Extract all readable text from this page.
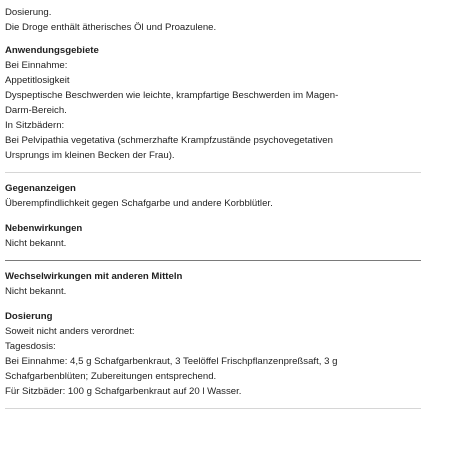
Dosierung.

Die Droge enthält ätherisches Öl und Proazulene.

Anwendungsgebiete

Bei Einnahme:

Appetitlosigkeit

Dyspeptische Beschwerden wie leichte, krampfartige Beschwerden im Magen-

Darm-Bereich.

In Sitzbädern:

Bei Pelvipathia vegetativa (schmerzhafte Krampfzustände psychovegetativen

Ursprungs im kleinen Becken der Frau).

Gegenanzeigen

Überempfindlichkeit gegen Schafgarbe und andere Korbblütler.

Nebenwirkungen

Nicht bekannt.

Wechselwirkungen mit anderen Mitteln

Nicht bekannt.

Dosierung

Soweit nicht anders verordnet:

Tagesdosis:

Bei Einnahme: 4,5 g Schafgarbenkraut, 3 Teelöffel Frischpflanzenpreßsaft, 3 g

Schafgarbenblüten; Zubereitungen entsprechend.

Für Sitzbäder: 100 g Schafgarbenkraut auf 20 l Wasser.
